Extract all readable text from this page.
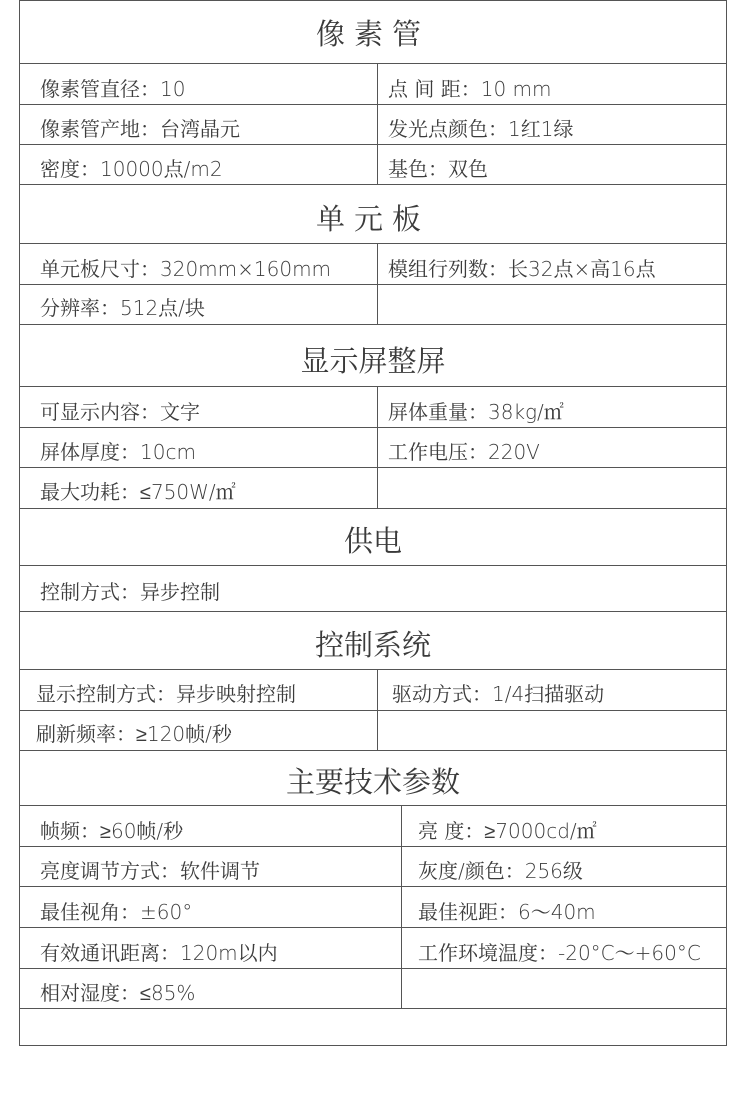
像素管
像素管直径：10	点 间 距：10 mm
像素管产地：台湾晶元	发光点颜色：1红1绿
密度：10000点/m2	基色：双色
单元板
单元板尺寸：320mm×160mm	模组行列数：长32点×高16点
分辨率：512点/块
显示屏整屏
可显示内容：文字	屏体重量：38kg/㎡
屏体厚度：10cm	工作电压：220V
最大功耗：≤750W/㎡
供电
控制方式：异步控制
控制系统
显示控制方式：异步映射控制	驱动方式：1/4扫描驱动
刷新频率：≥120帧/秒
主要技术参数
帧频：≥60帧/秒	亮 度：≥7000cd/㎡
亮度调节方式：软件调节	灰度/颜色：256级
最佳视角：±60°	最佳视距：6～40m
有效通讯距离：120m以内	工作环境温度：-20°C～+60°C
相对湿度：≤85%
